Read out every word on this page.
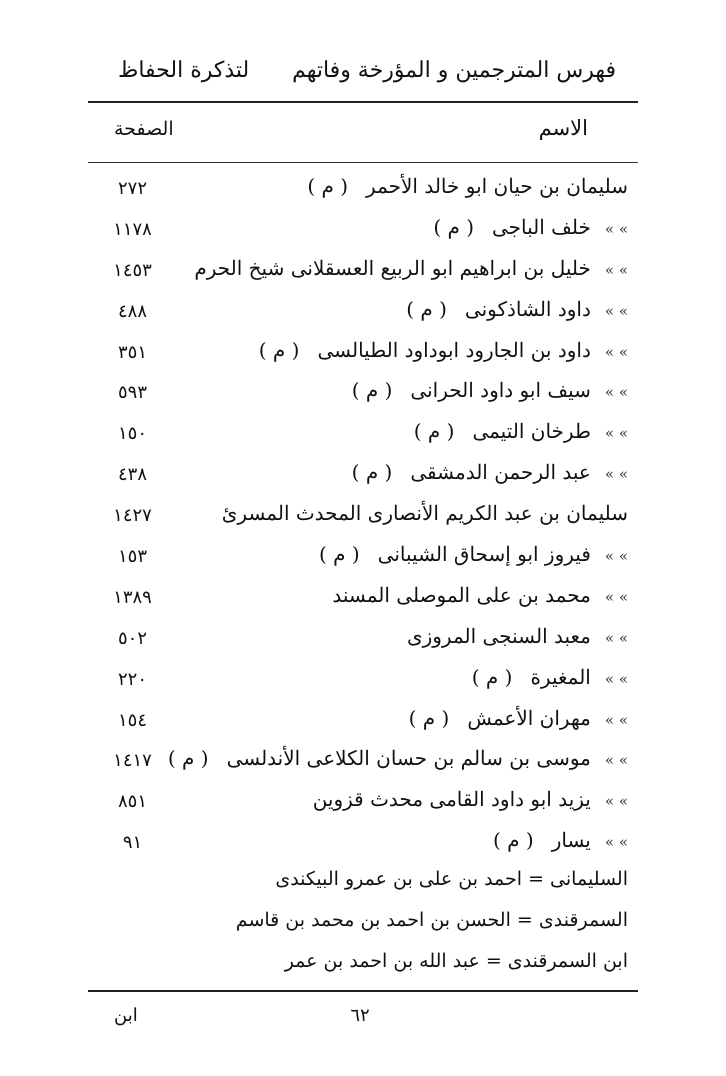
فهرس المترجمين و المؤرخة وفاتهم
لتذكرة الحفاظ
الاسم
الصفحة
٢٧٢	سليمان بن حيان ابو خالد الأحمر( م )
١١٧٨	» »خلف الباجى( م )
١٤٥٣	» »خليل بن ابراهيم ابو الربيع العسقلانى شيخ الحرم
٤٨٨	» »داود الشاذكونى( م )
٣٥١	» »داود بن الجارود ابوداود الطيالسى( م )
٥٩٣	» »سيف ابو داود الحرانى( م )
١٥٠	» »طرخان التيمى( م )
٤٣٨	» »عبد الرحمن الدمشقى( م )
١٤٢٧	سليمان بن عبد الكريم الأنصارى المحدث المسرئ
١٥٣	» »فيروز ابو إسحاق الشيبانى( م )
١٣٨٩	» »محمد بن على الموصلى المسند
٥٠٢	» »معبد السنجى المروزى
٢٢٠	» »المغيرة( م )
١٥٤	» »مهران الأعمش( م )
١٤١٧	» »موسى بن سالم بن حسان الكلاعى الأندلسى( م )
٨٥١	» »يزيد ابو داود القامى محدث قزوين
٩١	» »يسار( م )
السليمانى = احمد بن على بن عمرو البيكندى
السمرقندى = الحسن بن احمد بن محمد بن قاسم
ابن السمرقندى = عبد الله بن احمد بن عمر
٦٢
ابن
